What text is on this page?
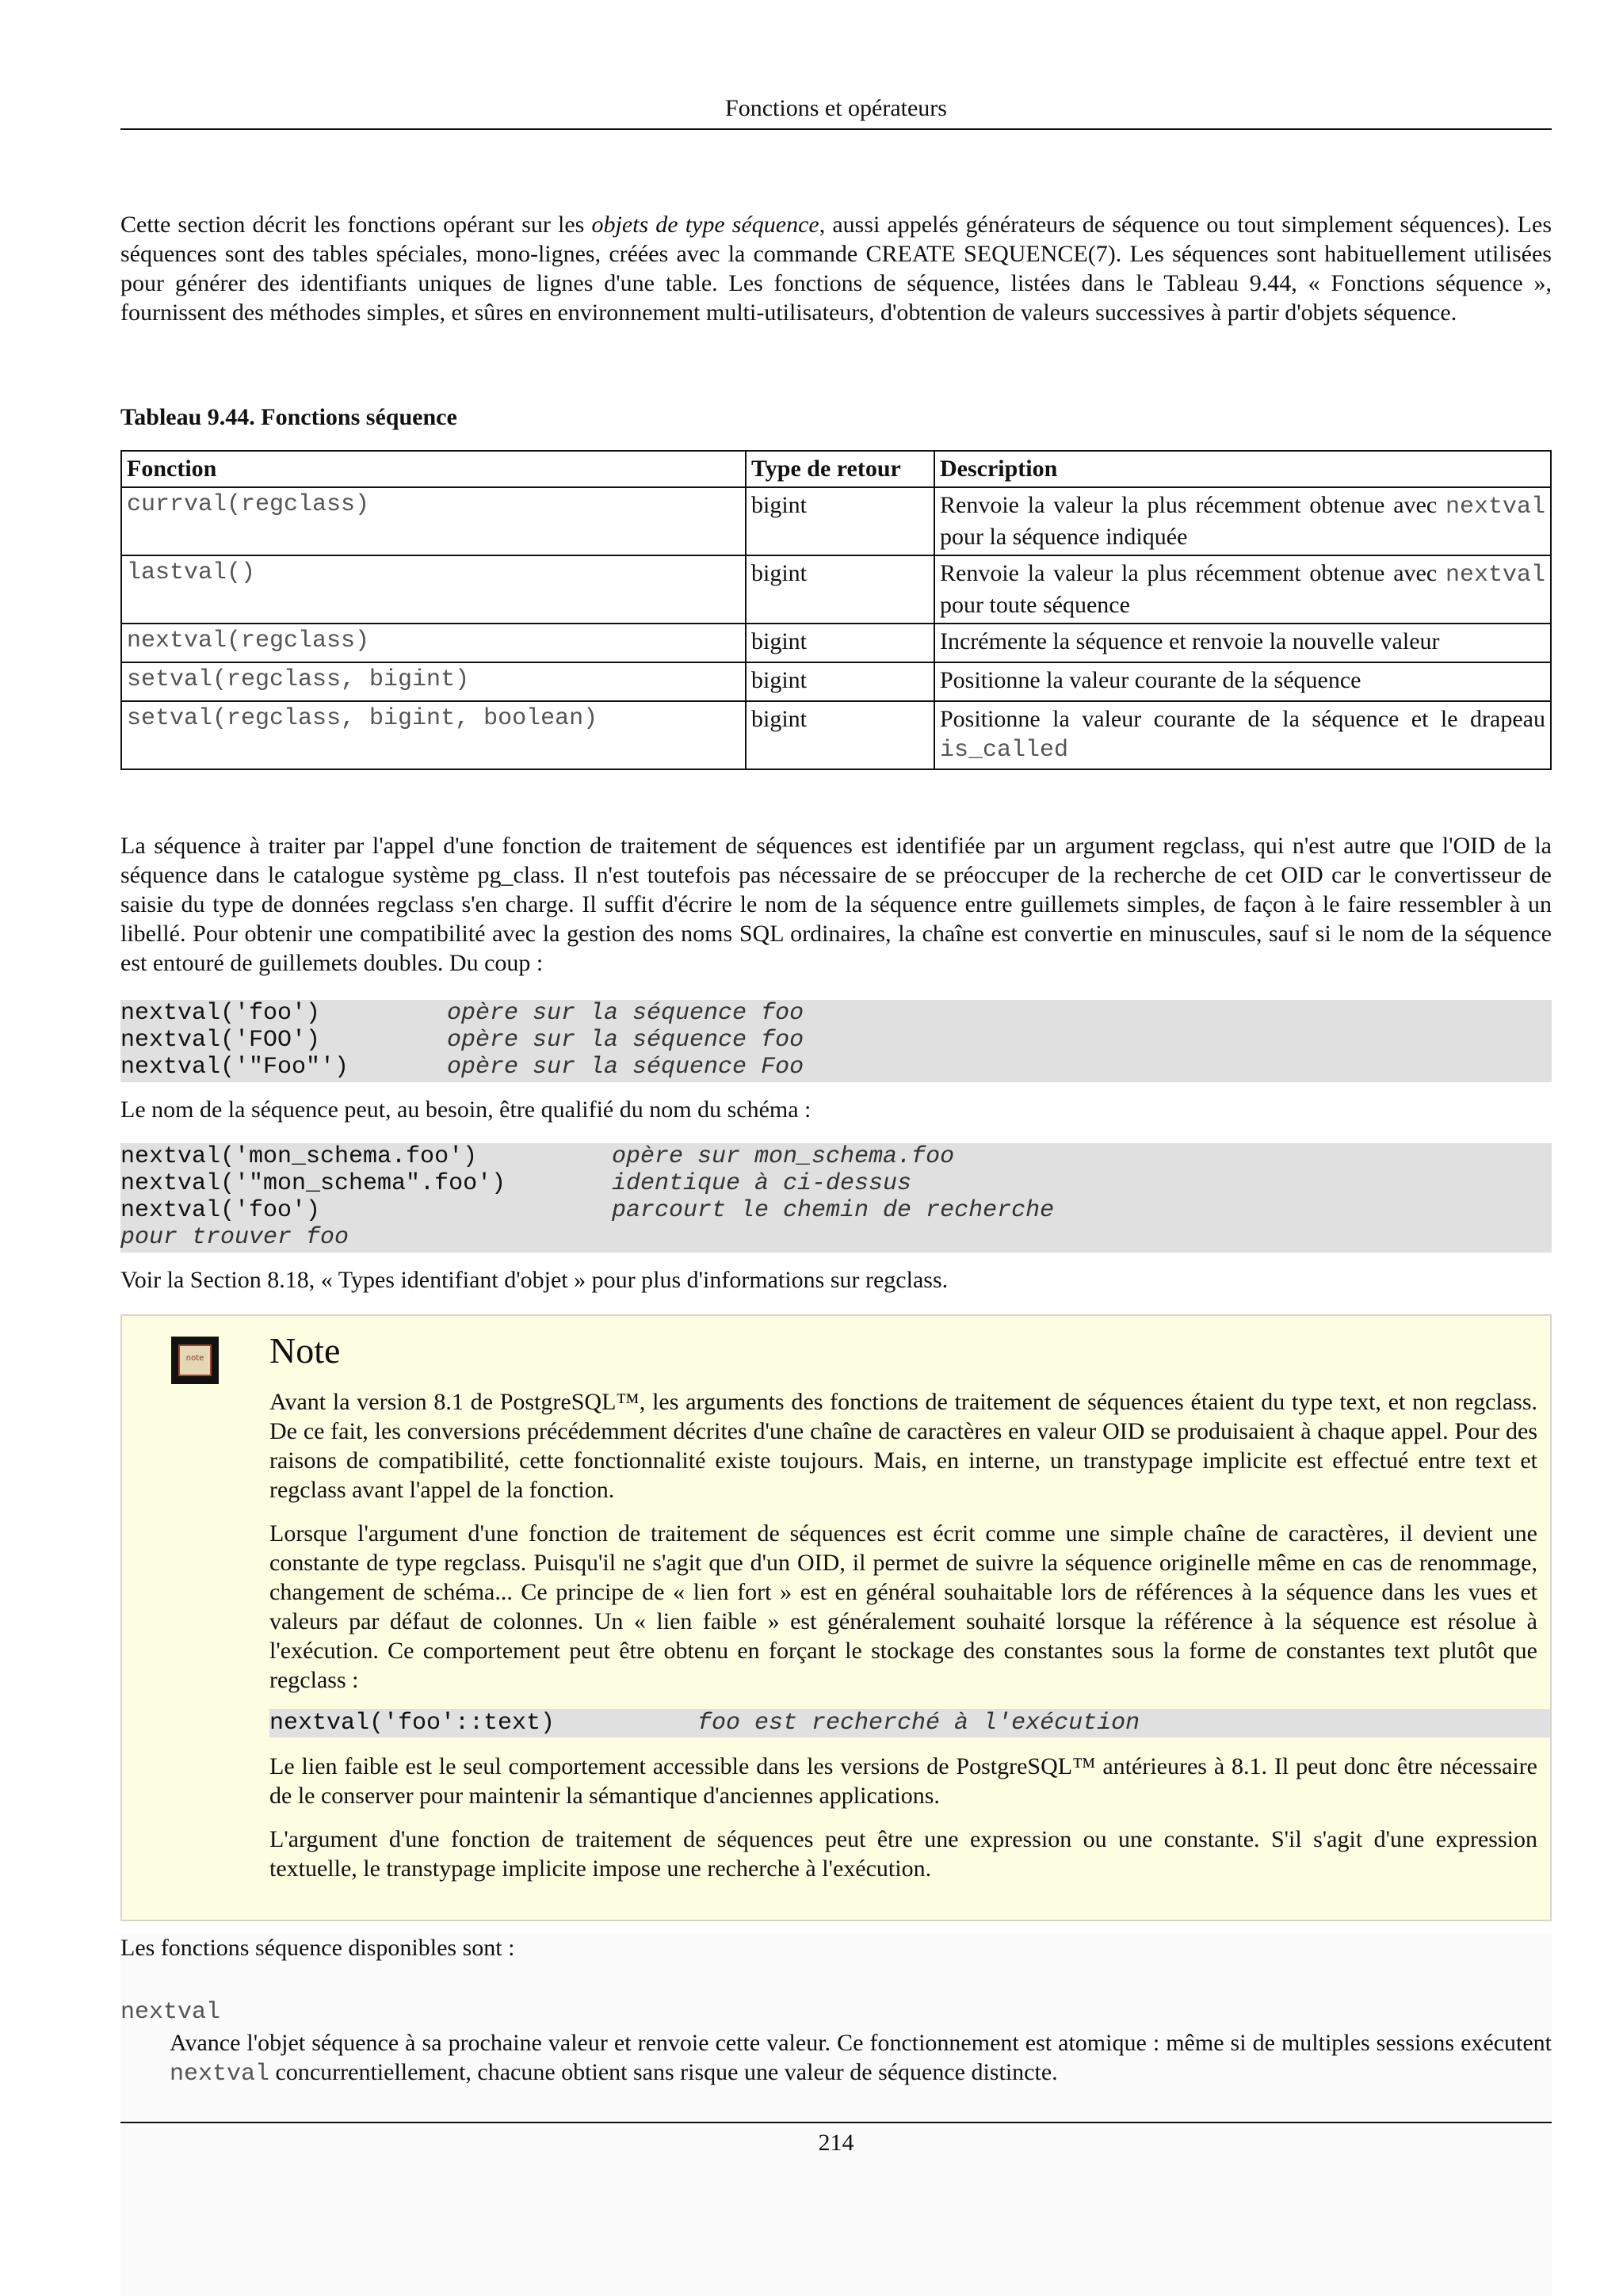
Fonctions et opérateurs

Cette section décrit les fonctions opérant sur les objets de type séquence, aussi appelés générateurs de séquence ou tout simplement séquences). Les séquences sont des tables spéciales, mono-lignes, créées avec la commande CREATE SEQUENCE(7). Les séquences sont habituellement utilisées pour générer des identifiants uniques de lignes d'une table. Les fonctions de séquence, listées dans le Tableau 9.44, « Fonctions séquence », fournissent des méthodes simples, et sûres en environnement multi-utilisateurs, d'obtention de valeurs successives à partir d'objets séquence.

Tableau 9.44. Fonctions séquence
Fonction	Type de retour	Description
currval(regclass)	bigint	Renvoie la valeur la plus récemment obtenue avec nextval pour la séquence indiquée
lastval()	bigint	Renvoie la valeur la plus récemment obtenue avec nextval pour toute séquence
nextval(regclass)	bigint	Incrémente la séquence et renvoie la nouvelle valeur
setval(regclass, bigint)	bigint	Positionne la valeur courante de la séquence
setval(regclass, bigint, boolean)	bigint	Positionne la valeur courante de la séquence et le drapeau is_called

La séquence à traiter par l'appel d'une fonction de traitement de séquences est identifiée par un argument regclass, qui n'est autre que l'OID de la séquence dans le catalogue système pg_class. Il n'est toutefois pas nécessaire de se préoccuper de la recherche de cet OID car le convertisseur de saisie du type de données regclass s'en charge. Il suffit d'écrire le nom de la séquence entre guillemets simples, de façon à le faire ressembler à un libellé. Pour obtenir une compatibilité avec la gestion des noms SQL ordinaires, la chaîne est convertie en minuscules, sauf si le nom de la séquence est entouré de guillemets doubles. Du coup :

nextval('foo')	opère sur la séquence foo
nextval('FOO')	opère sur la séquence foo
nextval('"Foo"')	opère sur la séquence Foo

Le nom de la séquence peut, au besoin, être qualifié du nom du schéma :

nextval('mon_schema.foo')	opère sur mon_schema.foo
nextval('"mon_schema".foo')	identique à ci-dessus
nextval('foo')	parcourt le chemin de recherche
pour trouver foo

Voir la Section 8.18, « Types identifiant d'objet » pour plus d'informations sur regclass.

note Note

Avant la version 8.1 de PostgreSQL™, les arguments des fonctions de traitement de séquences étaient du type text, et non regclass. De ce fait, les conversions précédemment décrites d'une chaîne de caractères en valeur OID se produisaient à chaque appel. Pour des raisons de compatibilité, cette fonctionnalité existe toujours. Mais, en interne, un transtypage implicite est effectué entre text et regclass avant l'appel de la fonction.

Lorsque l'argument d'une fonction de traitement de séquences est écrit comme une simple chaîne de caractères, il devient une constante de type regclass. Puisqu'il ne s'agit que d'un OID, il permet de suivre la séquence originelle même en cas de renommage, changement de schéma... Ce principe de « lien fort » est en général souhaitable lors de références à la séquence dans les vues et valeurs par défaut de colonnes. Un « lien faible » est généralement souhaité lorsque la référence à la séquence est résolue à l'exécution. Ce comportement peut être obtenu en forçant le stockage des constantes sous la forme de constantes text plutôt que regclass :

nextval('foo'::text)	foo est recherché à l'exécution

Le lien faible est le seul comportement accessible dans les versions de PostgreSQL™ antérieures à 8.1. Il peut donc être nécessaire de le conserver pour maintenir la sémantique d'anciennes applications.

L'argument d'une fonction de traitement de séquences peut être une expression ou une constante. S'il s'agit d'une expression textuelle, le transtypage implicite impose une recherche à l'exécution.

Les fonctions séquence disponibles sont :

nextval

Avance l'objet séquence à sa prochaine valeur et renvoie cette valeur. Ce fonctionnement est atomique : même si de multiples sessions exécutent nextval concurrentiellement, chacune obtient sans risque une valeur de séquence distincte.

214
